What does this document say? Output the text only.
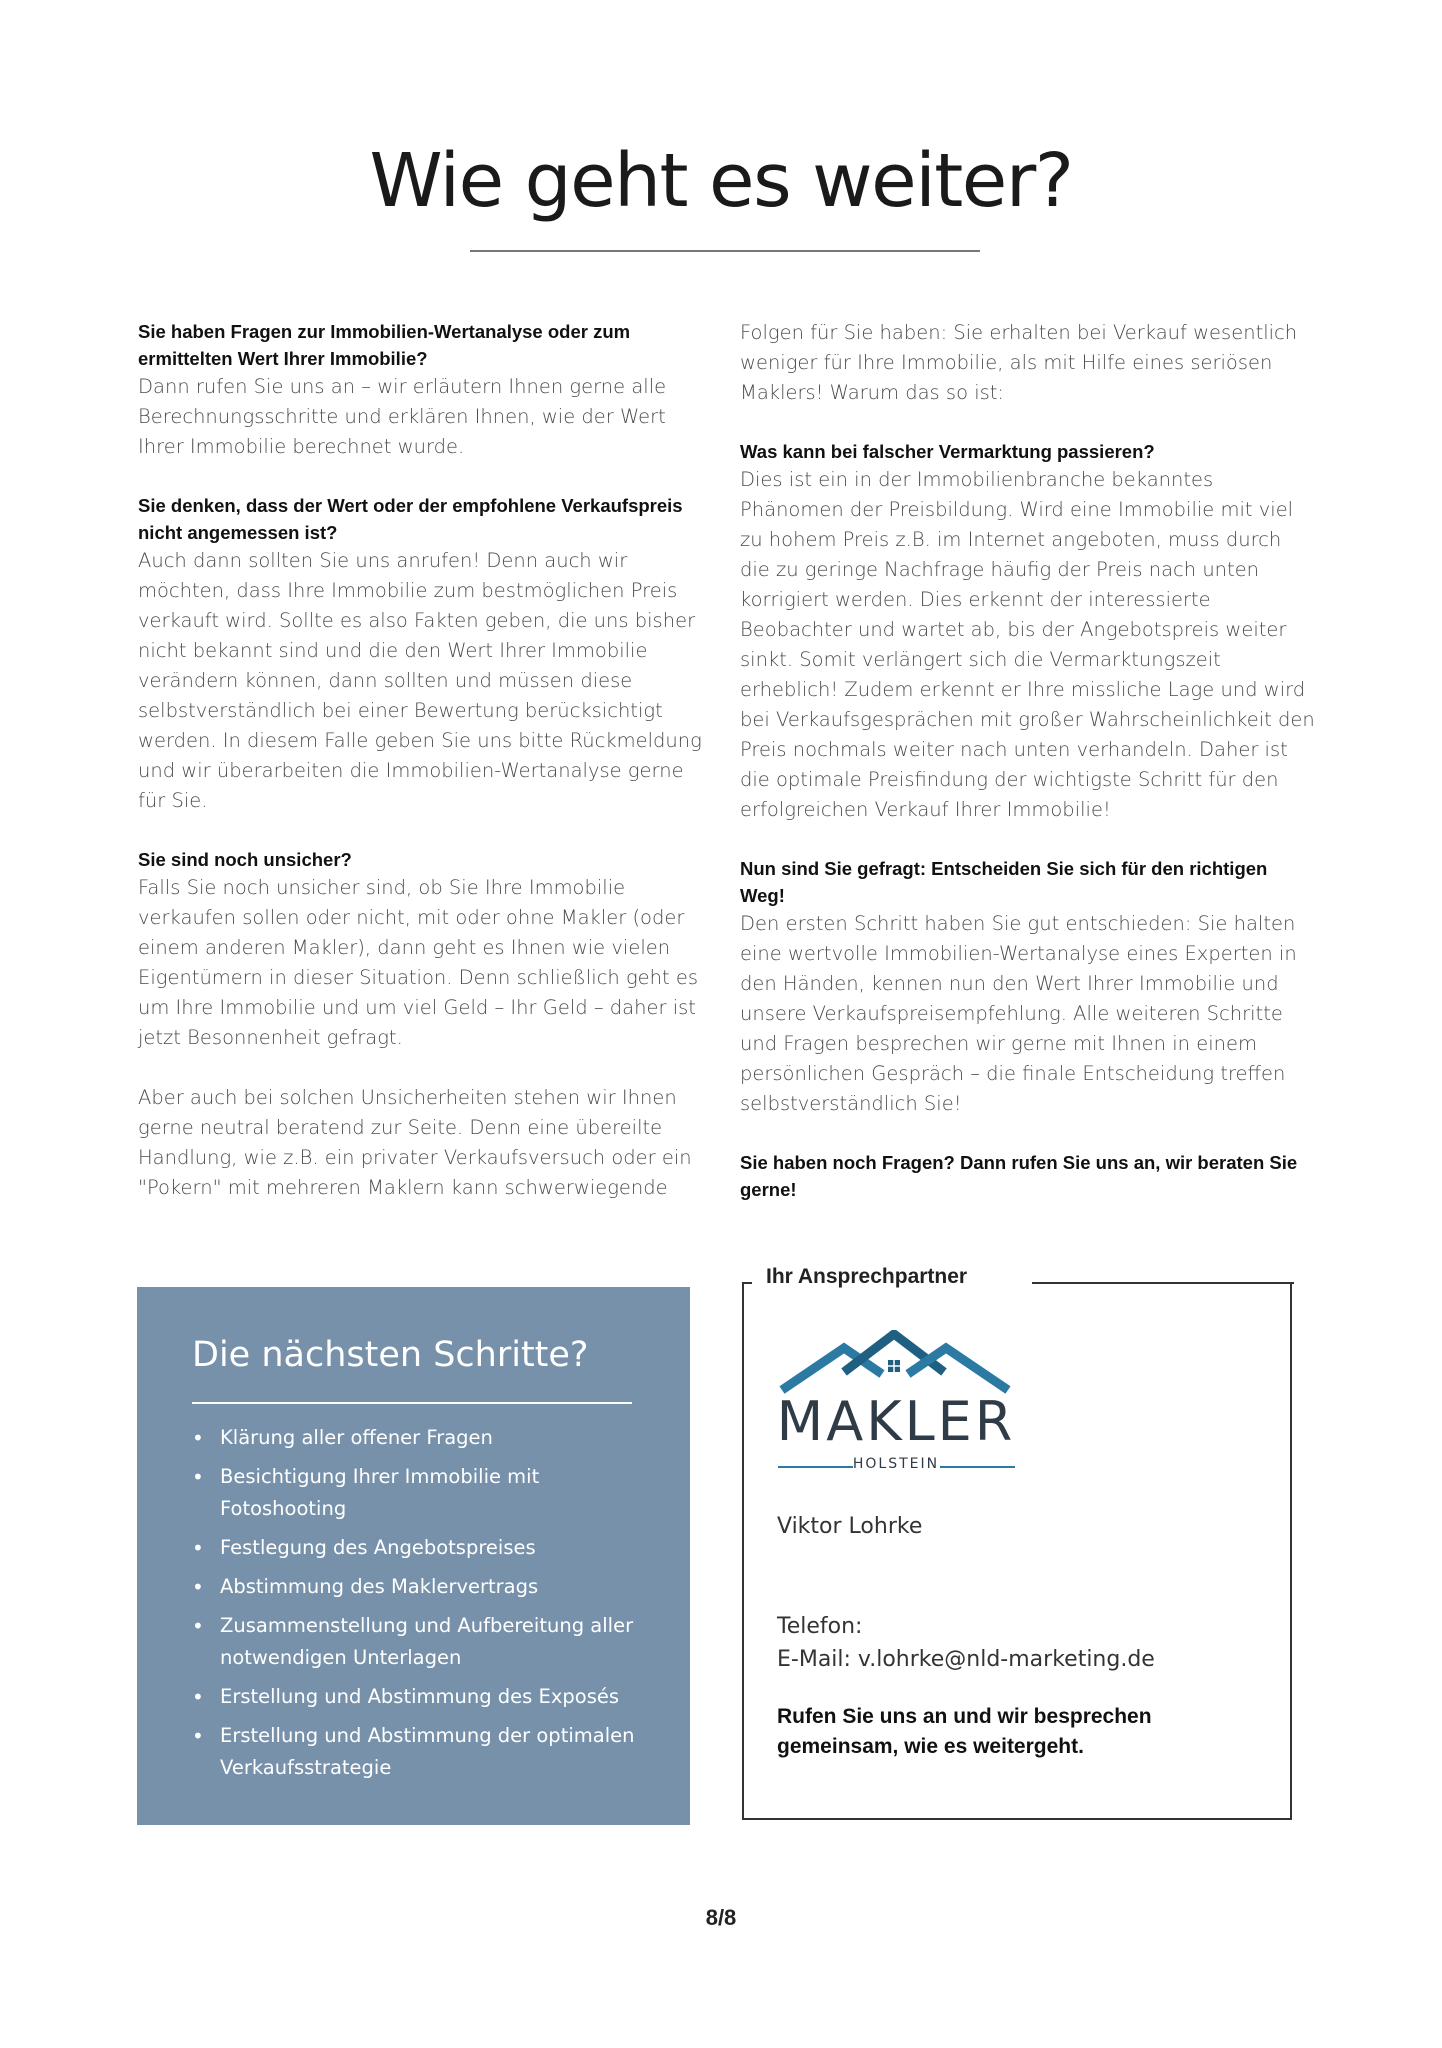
Wie geht es weiter?
Sie haben Fragen zur Immobilien-Wertanalyse oder zum ermittelten Wert Ihrer Immobilie?
Dann rufen Sie uns an – wir erläutern Ihnen gerne alle Berechnungsschritte und erklären Ihnen, wie der Wert Ihrer Immobilie berechnet wurde.
Sie denken, dass der Wert oder der empfohlene Verkaufspreis nicht angemessen ist?
Auch dann sollten Sie uns anrufen! Denn auch wir möchten, dass Ihre Immobilie zum bestmöglichen Preis verkauft wird. Sollte es also Fakten geben, die uns bisher nicht bekannt sind und die den Wert Ihrer Immobilie verändern können, dann sollten und müssen diese selbstverständlich bei einer Bewertung berücksichtigt werden. In diesem Falle geben Sie uns bitte Rückmeldung und wir überarbeiten die Immobilien-Wertanalyse gerne für Sie.
Sie sind noch unsicher?
Falls Sie noch unsicher sind, ob Sie Ihre Immobilie verkaufen sollen oder nicht, mit oder ohne Makler (oder einem anderen Makler), dann geht es Ihnen wie vielen Eigentümern in dieser Situation. Denn schließlich geht es um Ihre Immobilie und um viel Geld – Ihr Geld – daher ist jetzt Besonnenheit gefragt.
Aber auch bei solchen Unsicherheiten stehen wir Ihnen gerne neutral beratend zur Seite. Denn eine übereilte Handlung, wie z.B. ein privater Verkaufsversuch oder ein "Pokern" mit mehreren Maklern kann schwerwiegende
Folgen für Sie haben: Sie erhalten bei Verkauf wesentlich weniger für Ihre Immobilie, als mit Hilfe eines seriösen Maklers! Warum das so ist:
Was kann bei falscher Vermarktung passieren?
Dies ist ein in der Immobilienbranche bekanntes Phänomen der Preisbildung. Wird eine Immobilie mit viel zu hohem Preis z.B. im Internet angeboten, muss durch die zu geringe Nachfrage häufig der Preis nach unten korrigiert werden. Dies erkennt der interessierte Beobachter und wartet ab, bis der Angebotspreis weiter sinkt. Somit verlängert sich die Vermarktungszeit erheblich! Zudem erkennt er Ihre missliche Lage und wird bei Verkaufsgesprächen mit großer Wahrscheinlichkeit den Preis nochmals weiter nach unten verhandeln. Daher ist die optimale Preisfindung der wichtigste Schritt für den erfolgreichen Verkauf Ihrer Immobilie!
Nun sind Sie gefragt: Entscheiden Sie sich für den richtigen Weg!
Den ersten Schritt haben Sie gut entschieden: Sie halten eine wertvolle Immobilien-Wertanalyse eines Experten in den Händen, kennen nun den Wert Ihrer Immobilie und unsere Verkaufspreisempfehlung. Alle weiteren Schritte und Fragen besprechen wir gerne mit Ihnen in einem persönlichen Gespräch – die finale Entscheidung treffen selbstverständlich Sie!
Sie haben noch Fragen? Dann rufen Sie uns an, wir beraten Sie gerne!
Die nächsten Schritte?
• Klärung aller offener Fragen
• Besichtigung Ihrer Immobilie mit Fotoshooting
• Festlegung des Angebotspreises
• Abstimmung des Maklervertrags
• Zusammenstellung und Aufbereitung aller notwendigen Unterlagen
• Erstellung und Abstimmung des Exposés
• Erstellung und Abstimmung der optimalen Verkaufsstrategie
Ihr Ansprechpartner
MAKLER
HOLSTEIN
Viktor Lohrke
Telefon:
E-Mail: v.lohrke@nld-marketing.de
Rufen Sie uns an und wir besprechen gemeinsam, wie es weitergeht.
8/8
